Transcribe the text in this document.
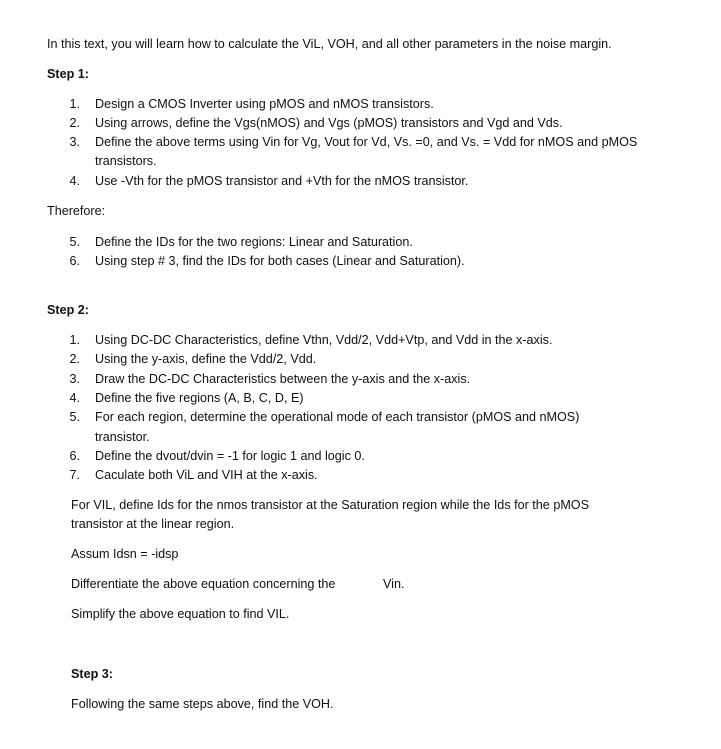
In this text, you will learn how to calculate the ViL, VOH, and all other parameters in the noise margin.
Step 1:
1. Design a CMOS Inverter using pMOS and nMOS transistors.
2. Using arrows, define the Vgs(nMOS) and Vgs (pMOS) transistors and Vgd and Vds.
3. Define the above terms using Vin for Vg, Vout for Vd, Vs. =0, and Vs. = Vdd for nMOS and pMOS
transistors.
4. Use -Vth for the pMOS transistor and +Vth for the nMOS transistor.
Therefore:
5. Define the IDs for the two regions: Linear and Saturation.
6. Using step # 3, find the IDs for both cases (Linear and Saturation).
Step 2:
1. Using DC-DC Characteristics, define Vthn, Vdd/2, Vdd+Vtp, and Vdd in the x-axis.
2. Using the y-axis, define the Vdd/2, Vdd.
3. Draw the DC-DC Characteristics between the y-axis and the x-axis.
4. Define the five regions (A, B, C, D, E)
5. For each region, determine the operational mode of each transistor (pMOS and nMOS)
transistor.
6. Define the dvout/dvin = -1 for logic 1 and logic 0.
7. Caculate both ViL and VIH at the x-axis.
For VIL, define Ids for the nmos transistor at the Saturation region while the Ids for the pMOS
transistor at the linear region.
Assum Idsn = -idsp
Differentiate the above equation concerning the	Vin.
Simplify the above equation to find VIL.
Step 3:
Following the same steps above, find the VOH.
